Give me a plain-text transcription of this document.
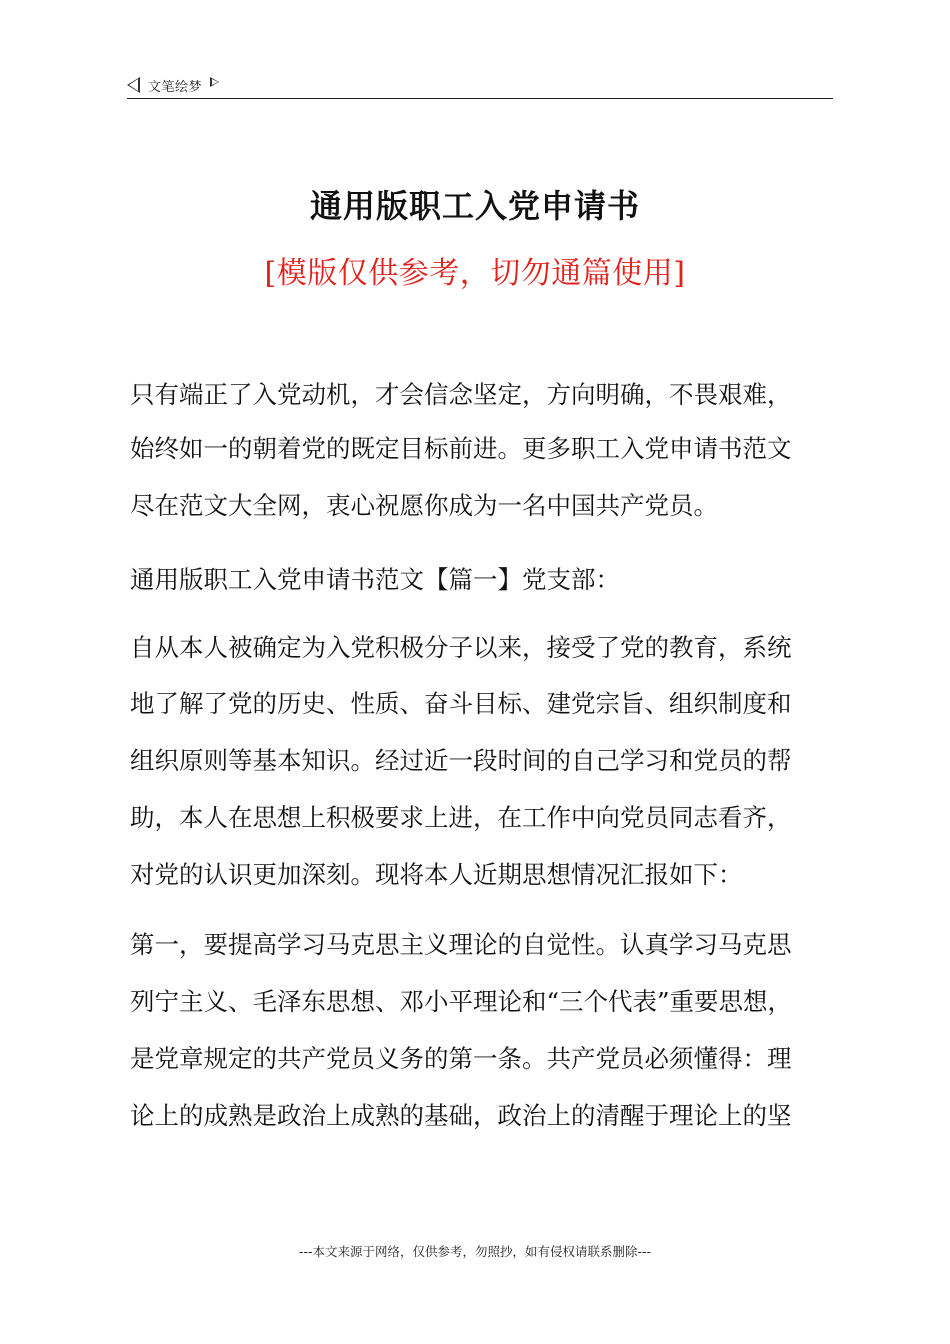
文笔绘梦
通用版职工入党申请书

[模版仅供参考，切勿通篇使用]

只有端正了入党动机，才会信念坚定，方向明确，不畏艰难，
始终如一的朝着党的既定目标前进。更多职工入党申请书范文
尽在范文大全网，衷心祝愿你成为一名中国共产党员。
通用版职工入党申请书范文【篇一】党支部：
自从本人被确定为入党积极分子以来，接受了党的教育，系统
地了解了党的历史、性质、奋斗目标、建党宗旨、组织制度和
组织原则等基本知识。经过近一段时间的自己学习和党员的帮
助，本人在思想上积极要求上进，在工作中向党员同志看齐，
对党的认识更加深刻。现将本人近期思想情况汇报如下：
第一，要提高学习马克思主义理论的自觉性。认真学习马克思
列宁主义、毛泽东思想、邓小平理论和“三个代表”重要思想，
是党章规定的共产党员义务的第一条。共产党员必须懂得：理
论上的成熟是政治上成熟的基础，政治上的清醒于理论上的坚
---本文来源于网络，仅供参考，勿照抄，如有侵权请联系删除---
